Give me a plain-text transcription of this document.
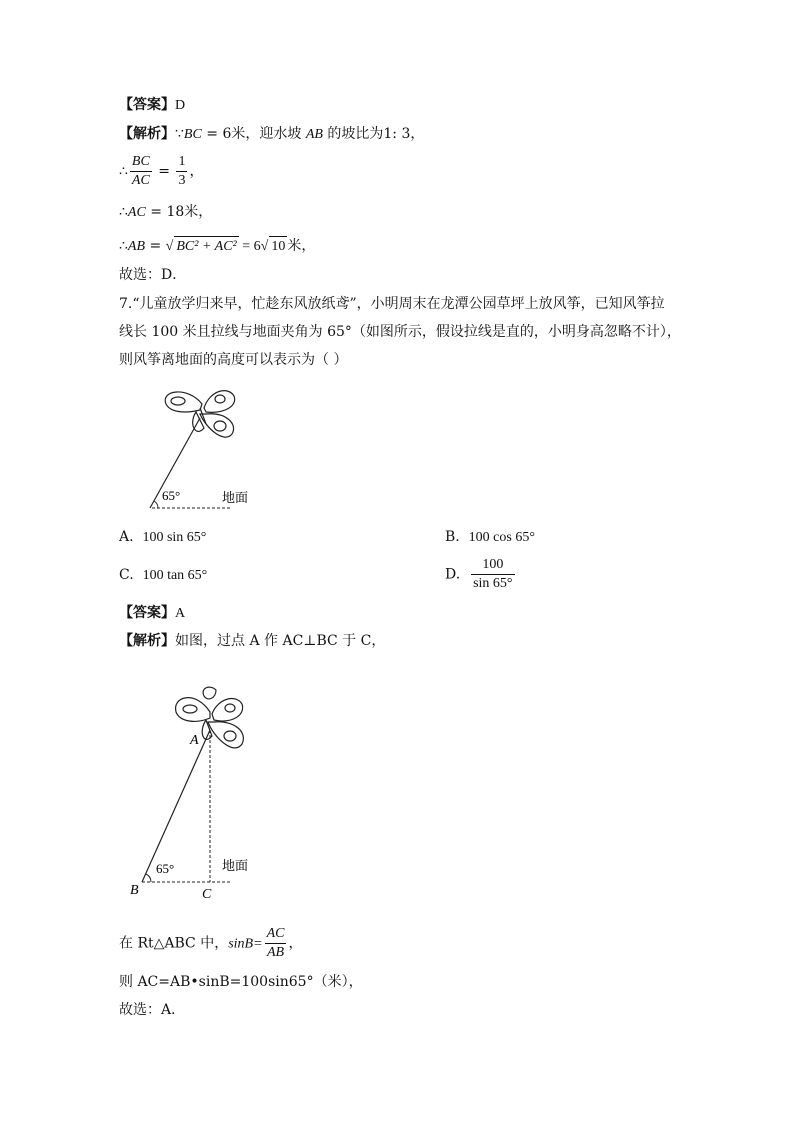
【答案】D
【解析】∵BC = 6米，迎水坡 AB 的坡比为1: 3，
∴ $\frac{BC}{AC} = \frac{1}{3}$ ，
∴AC = 18米，
∴AB = √ BC² + AC² = 6√ 10 米，
故选：D．
7.“儿童放学归来早，忙趁东风放纸鸢”，小明周末在龙潭公园草坪上放风筝，已知风筝拉
线长 100 米且拉线与地面夹角为 65°（如图所示，假设拉线是直的，小明身高忽略不计），
则风筝离地面的高度可以表示为（ ）
65°	地面
A. 100 sin 65°	B. 100 cos 65°
C. 100 tan 65°	D. $\frac{100}{\sin 65^\circ}$
【答案】A
【解析】如图，过点 A 作 AC⊥BC 于 C，
65°	地面
A
B	C
在 Rt△ABC 中，$\sin B= \frac{AC}{AB}$ ，
则 AC=AB•sinB=100sin65°（米），
故选：A．
